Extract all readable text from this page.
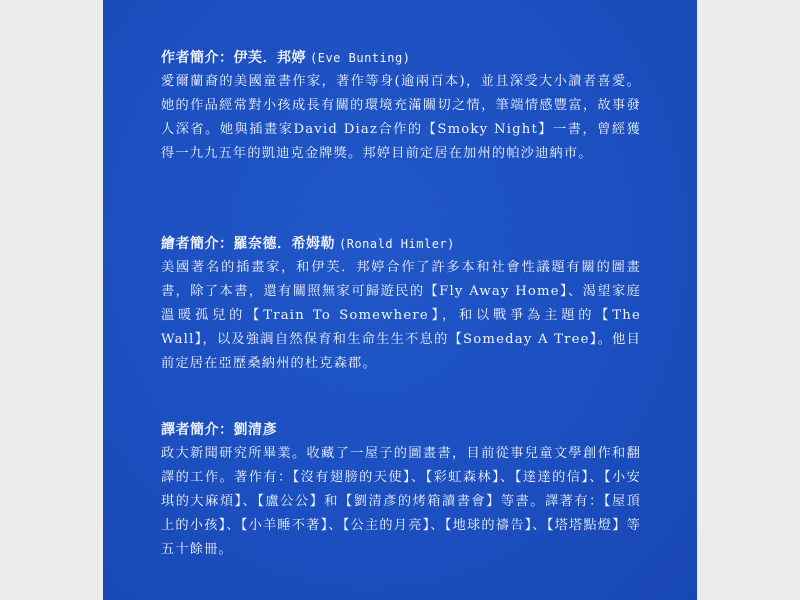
作者簡介：伊芙．邦婷 (Eve Bunting)
愛爾蘭裔的美國童書作家，著作等身(逾兩百本)，並且深受大小讀者喜愛。她的作品經常對小孩成長有關的環境充滿關切之情，筆端情感豐富，故事發人深省。她與插畫家David Diaz合作的【Smoky Night】一書，曾經獲得一九九五年的凱迪克金牌獎。邦婷目前定居在加州的帕沙迪納市。
繪者簡介：羅奈德．希姆勒 (Ronald Himler)
美國著名的插畫家，和伊芙．邦婷合作了許多本和社會性議題有關的圖畫書，除了本書，還有關照無家可歸遊民的【Fly Away Home】、渴望家庭溫暖孤兒的【Train To Somewhere】，和以戰爭為主題的【The Wall】，以及強調自然保育和生命生生不息的【Someday A Tree】。他目前定居在亞歷桑納州的杜克森郡。
譯者簡介：劉清彥
政大新聞研究所畢業。收藏了一屋子的圖畫書，目前從事兒童文學創作和翻譯的工作。著作有：【沒有翅膀的天使】、【彩虹森林】、【達達的信】、【小安琪的大麻煩】、【盧公公】和【劉清彥的烤箱讀書會】等書。譯著有：【屋頂上的小孩】、【小羊睡不著】、【公主的月亮】、【地球的禱告】、【塔塔點燈】等五十餘冊。
